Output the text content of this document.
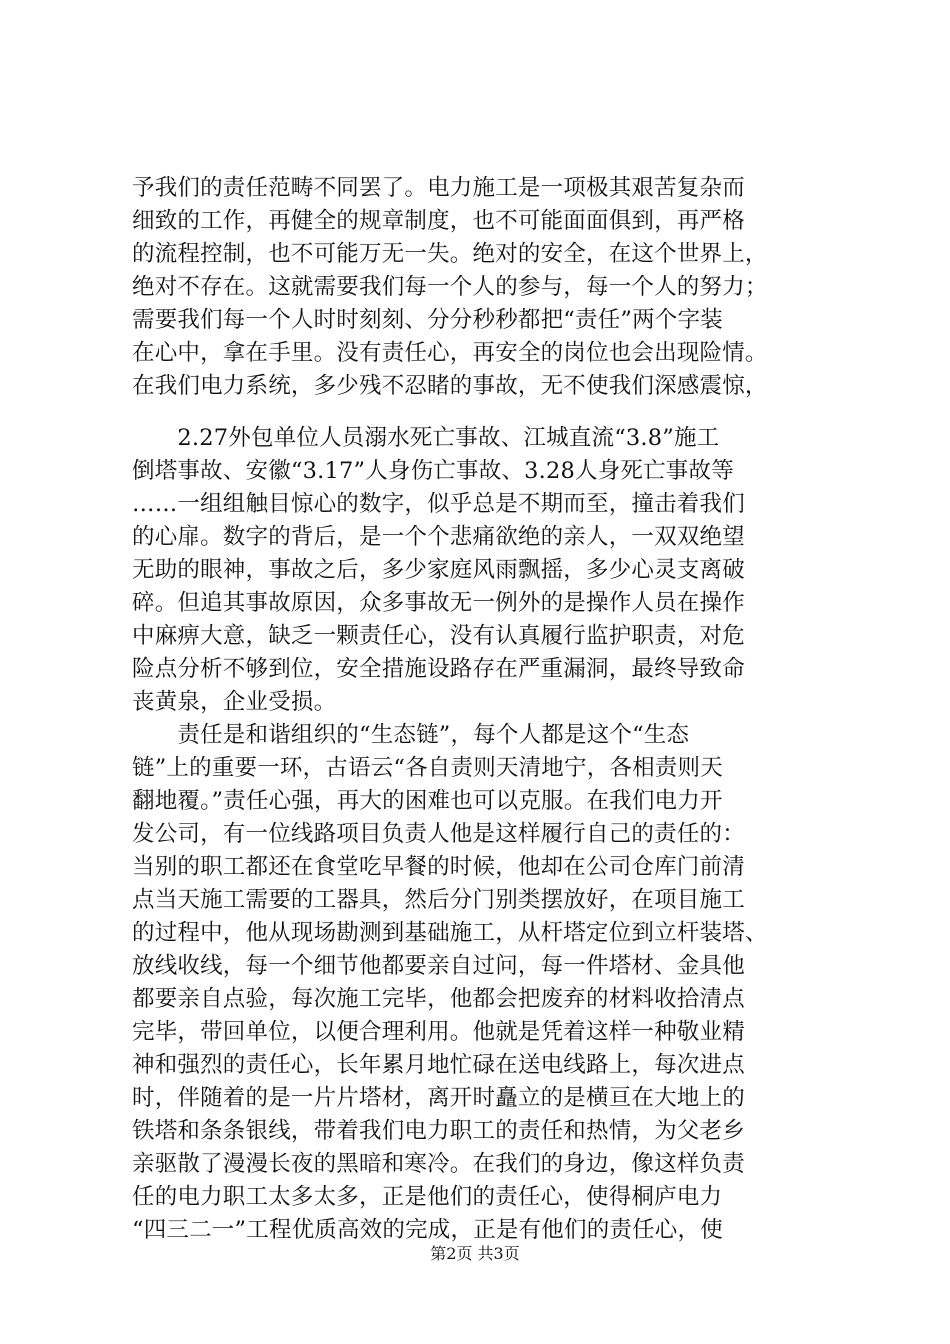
予我们的责任范畴不同罢了。电力施工是一项极其艰苦复杂而
细致的工作，再健全的规章制度，也不可能面面俱到，再严格
的流程控制，也不可能万无一失。绝对的安全，在这个世界上，
绝对不存在。这就需要我们每一个人的参与，每一个人的努力；
需要我们每一个人时时刻刻、分分秒秒都把“责任”两个字装
在心中，拿在手里。没有责任心，再安全的岗位也会出现险情。
在我们电力系统，多少残不忍睹的事故，无不使我们深感震惊，
　　2.27外包单位人员溺水死亡事故、江城直流“3.8”施工
倒塔事故、安徽“3.17”人身伤亡事故、3.28人身死亡事故等
……一组组触目惊心的数字，似乎总是不期而至，撞击着我们
的心扉。数字的背后，是一个个悲痛欲绝的亲人，一双双绝望
无助的眼神，事故之后，多少家庭风雨飘摇，多少心灵支离破
碎。但追其事故原因，众多事故无一例外的是操作人员在操作
中麻痹大意，缺乏一颗责任心，没有认真履行监护职责，对危
险点分析不够到位，安全措施设路存在严重漏洞，最终导致命
丧黄泉，企业受损。
　　责任是和谐组织的“生态链”，每个人都是这个“生态
链”上的重要一环，古语云“各自责则天清地宁，各相责则天
翻地覆。”责任心强，再大的困难也可以克服。在我们电力开
发公司，有一位线路项目负责人他是这样履行自己的责任的：
当别的职工都还在食堂吃早餐的时候，他却在公司仓库门前清
点当天施工需要的工器具，然后分门别类摆放好，在项目施工
的过程中，他从现场勘测到基础施工，从杆塔定位到立杆装塔、
放线收线，每一个细节他都要亲自过问，每一件塔材、金具他
都要亲自点验，每次施工完毕，他都会把废弃的材料收拾清点
完毕，带回单位，以便合理利用。他就是凭着这样一种敬业精
神和强烈的责任心，长年累月地忙碌在送电线路上，每次进点
时，伴随着的是一片片塔材，离开时矗立的是横亘在大地上的
铁塔和条条银线，带着我们电力职工的责任和热情，为父老乡
亲驱散了漫漫长夜的黑暗和寒冷。在我们的身边，像这样负责
任的电力职工太多太多，正是他们的责任心，使得桐庐电力
“四三二一”工程优质高效的完成，正是有他们的责任心，使
第2页 共3页
